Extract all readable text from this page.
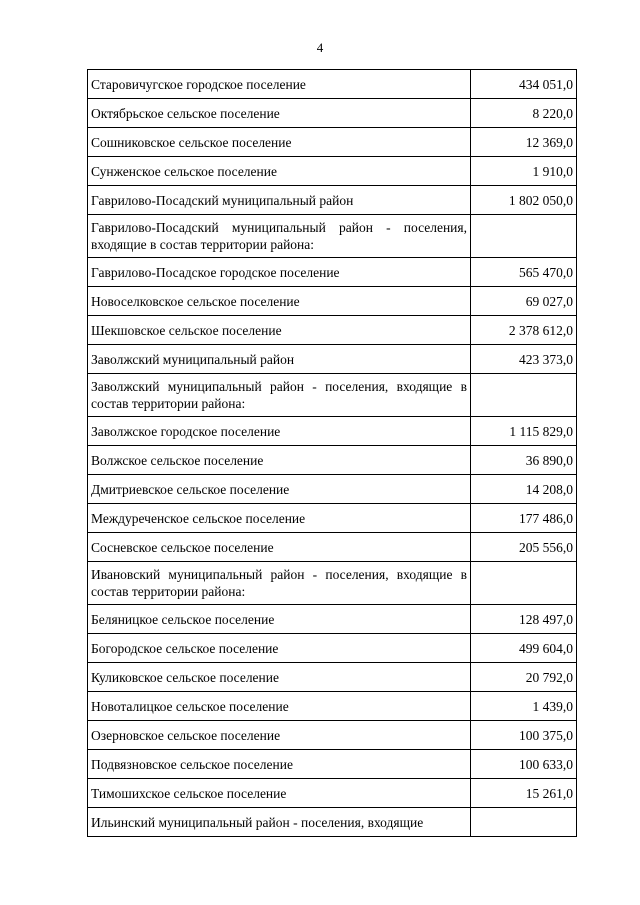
4
Старовичугское городское поселение	434 051,0
Октябрьское сельское поселение	8 220,0
Сошниковское сельское поселение	12 369,0
Сунженское сельское поселение	1 910,0
Гаврилово-Посадский муниципальный район	1 802 050,0
Гаврилово-Посадский муниципальный район - поселения, входящие в состав территории района:	
Гаврилово-Посадское городское поселение	565 470,0
Новоселковское сельское поселение	69 027,0
Шекшовское сельское поселение	2 378 612,0
Заволжский муниципальный район	423 373,0
Заволжский муниципальный район - поселения, входящие в состав территории района:	
Заволжское городское поселение	1 115 829,0
Волжское сельское поселение	36 890,0
Дмитриевское сельское поселение	14 208,0
Междуреченское сельское поселение	177 486,0
Сосневское сельское поселение	205 556,0
Ивановский муниципальный район - поселения, входящие в состав территории района:	
Беляницкое сельское поселение	128 497,0
Богородское сельское поселение	499 604,0
Куликовское сельское поселение	20 792,0
Новоталицкое сельское поселение	1 439,0
Озерновское сельское поселение	100 375,0
Подвязновское сельское поселение	100 633,0
Тимошихское сельское поселение	15 261,0
Ильинский муниципальный район - поселения, входящие	
